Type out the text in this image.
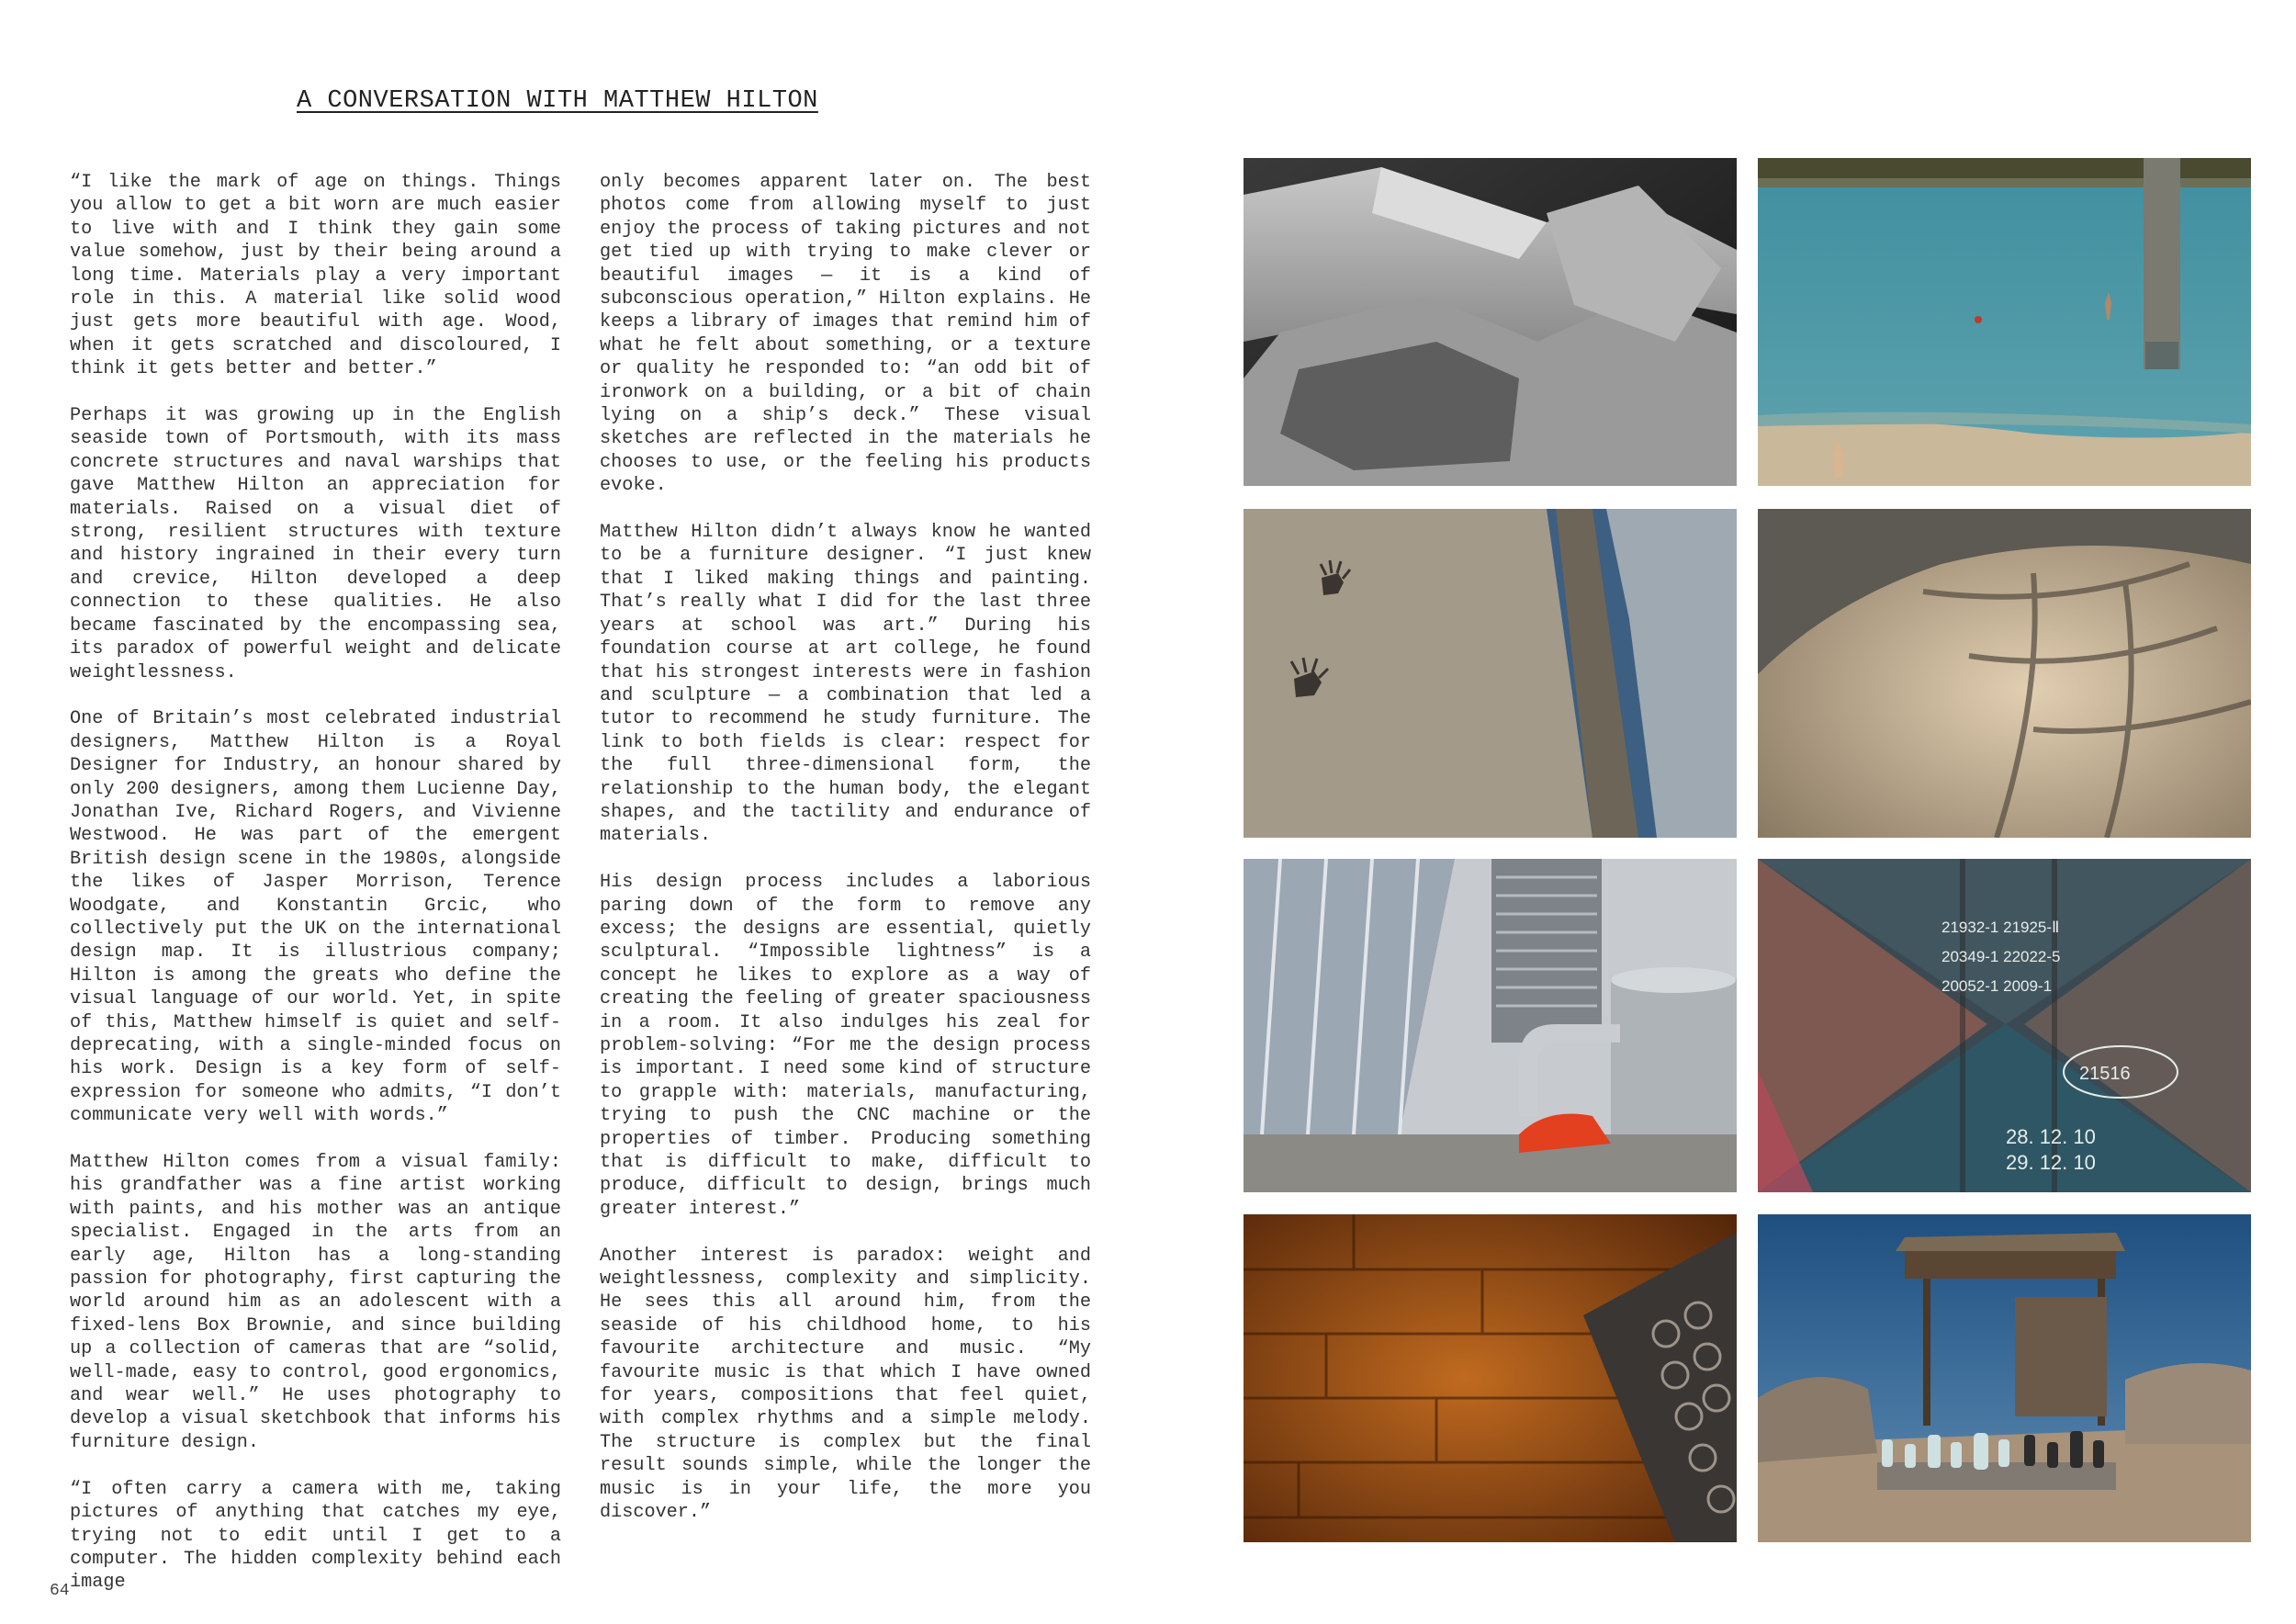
A CONVERSATION WITH MATTHEW HILTON

“I like the mark of age on things. Things you allow to get a bit worn are much easier to live with and I think they gain some value somehow, just by their being around a long time. Materials play a very important role in this. A material like solid wood just gets more beautiful with age. Wood, when it gets scratched and discoloured, I think it gets better and better.”

Perhaps it was growing up in the English seaside town of Portsmouth, with its mass concrete structures and naval warships that gave Matthew Hilton an appreciation for materials. Raised on a visual diet of strong, resilient structures with texture and history ingrained in their every turn and crevice, Hilton developed a deep connection to these qualities. He also became fascinated by the encompassing sea, its paradox of powerful weight and delicate weightlessness.

One of Britain’s most celebrated industrial designers, Matthew Hilton is a Royal Designer for Industry, an honour shared by only 200 designers, among them Lucienne Day, Jonathan Ive, Richard Rogers, and Vivienne Westwood. He was part of the emergent British design scene in the 1980s, alongside the likes of Jasper Morrison, Terence Woodgate, and Konstantin Grcic, who collectively put the UK on the international design map. It is illustrious company; Hilton is among the greats who define the visual language of our world. Yet, in spite of this, Matthew himself is quiet and self-deprecating, with a single-minded focus on his work. Design is a key form of self-expression for someone who admits, “I don’t communicate very well with words.”

Matthew Hilton comes from a visual family: his grandfather was a fine artist working with paints, and his mother was an antique specialist. Engaged in the arts from an early age, Hilton has a long-standing passion for photography, first capturing the world around him as an adolescent with a fixed-lens Box Brownie, and since building up a collection of cameras that are “solid, well-made, easy to control, good ergonomics, and wear well.” He uses photography to develop a visual sketchbook that informs his furniture design.

“I often carry a camera with me, taking pictures of anything that catches my eye, trying not to edit until I get to a computer. The hidden complexity behind each image

only becomes apparent later on. The best photos come from allowing myself to just enjoy the process of taking pictures and not get tied up with trying to make clever or beautiful images — it is a kind of subconscious operation,” Hilton explains. He keeps a library of images that remind him of what he felt about something, or a texture or quality he responded to: “an odd bit of ironwork on a building, or a bit of chain lying on a ship’s deck.” These visual sketches are reflected in the materials he chooses to use, or the feeling his products evoke.

Matthew Hilton didn’t always know he wanted to be a furniture designer. “I just knew that I liked making things and painting. That’s really what I did for the last three years at school was art.” During his foundation course at art college, he found that his strongest interests were in fashion and sculpture — a combination that led a tutor to recommend he study furniture. The link to both fields is clear: respect for the full three-dimensional form, the relationship to the human body, the elegant shapes, and the tactility and endurance of materials.

His design process includes a laborious paring down of the form to remove any excess; the designs are essential, quietly sculptural. “Impossible lightness” is a concept he likes to explore as a way of creating the feeling of greater spaciousness in a room. It also indulges his zeal for problem-solving: “For me the design process is important. I need some kind of structure to grapple with: materials, manufacturing, trying to push the CNC machine or the properties of timber. Producing something that is difficult to make, difficult to produce, difficult to design, brings much greater interest.”

Another interest is paradox: weight and weightlessness, complexity and simplicity. He sees this all around him, from the seaside of his childhood home, to his favourite architecture and music. “My favourite music is that which I have owned for years, compositions that feel quiet, with complex rhythms and a simple melody. The structure is complex but the final result sounds simple, while the longer the music is in your life, the more you discover.”

64
21932-1 21925-Ⅱ
20349-1 22022-5
20052-1 2009-1
21516
28. 12. 10
29. 12. 10
